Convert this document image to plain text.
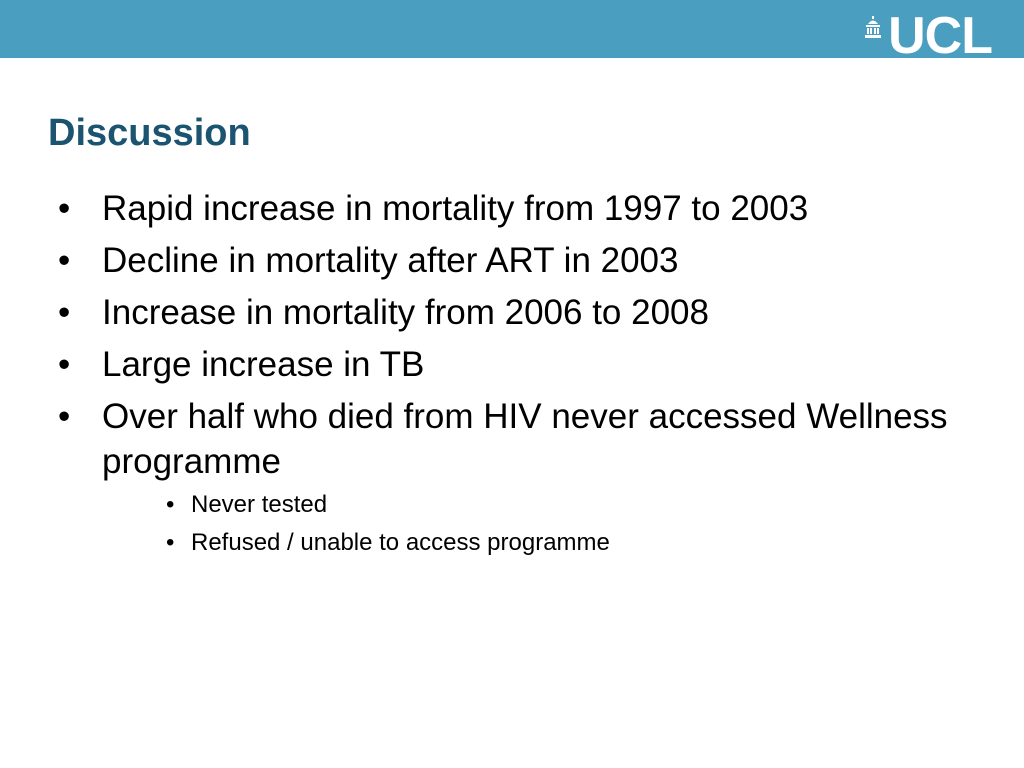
UCL
Discussion
• Rapid increase in mortality from 1997 to 2003
• Decline in mortality after ART in 2003
• Increase in mortality from 2006 to 2008
• Large increase in TB
• Over half who died from HIV never accessed Wellness programme
• Never tested
• Refused / unable to access programme
